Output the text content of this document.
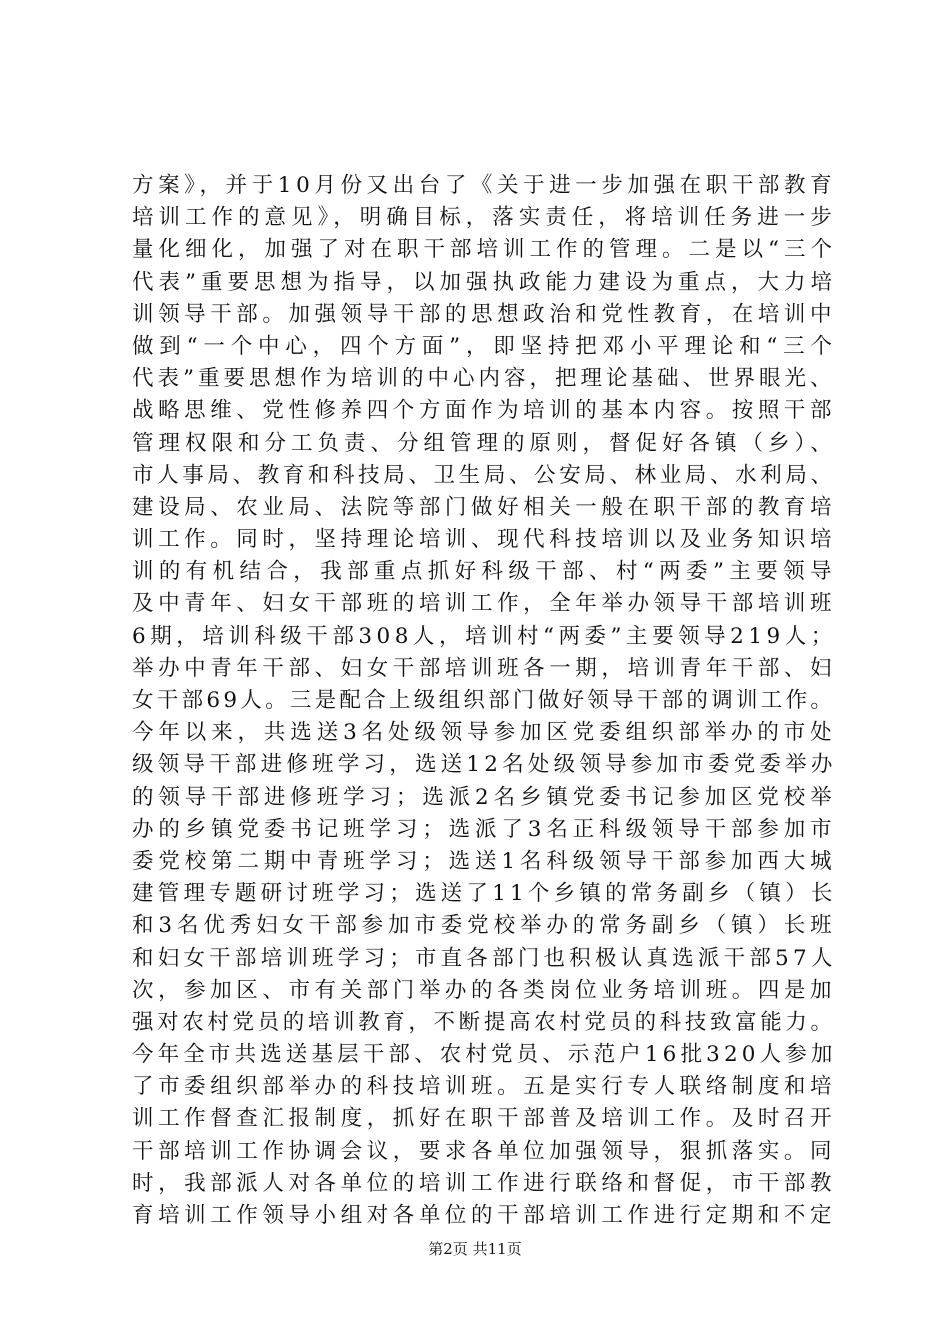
方案》，并于10月份又出台了《关于进一步加强在职干部教育
培训工作的意见》，明确目标，落实责任，将培训任务进一步
量化细化，加强了对在职干部培训工作的管理。二是以“三个
代表”重要思想为指导，以加强执政能力建设为重点，大力培
训领导干部。加强领导干部的思想政治和党性教育，在培训中
做到“一个中心，四个方面”，即坚持把邓小平理论和“三个
代表”重要思想作为培训的中心内容，把理论基础、世界眼光、
战略思维、党性修养四个方面作为培训的基本内容。按照干部
管理权限和分工负责、分组管理的原则，督促好各镇（乡）、
市人事局、教育和科技局、卫生局、公安局、林业局、水利局、
建设局、农业局、法院等部门做好相关一般在职干部的教育培
训工作。同时，坚持理论培训、现代科技培训以及业务知识培
训的有机结合，我部重点抓好科级干部、村“两委”主要领导
及中青年、妇女干部班的培训工作，全年举办领导干部培训班
6期，培训科级干部308人，培训村“两委”主要领导219人；
举办中青年干部、妇女干部培训班各一期，培训青年干部、妇
女干部69人。三是配合上级组织部门做好领导干部的调训工作。
今年以来，共选送3名处级领导参加区党委组织部举办的市处
级领导干部进修班学习，选送12名处级领导参加市委党委举办
的领导干部进修班学习；选派2名乡镇党委书记参加区党校举
办的乡镇党委书记班学习；选派了3名正科级领导干部参加市
委党校第二期中青班学习；选送1名科级领导干部参加西大城
建管理专题研讨班学习；选送了11个乡镇的常务副乡（镇）长
和3名优秀妇女干部参加市委党校举办的常务副乡（镇）长班
和妇女干部培训班学习；市直各部门也积极认真选派干部57人
次，参加区、市有关部门举办的各类岗位业务培训班。四是加
强对农村党员的培训教育，不断提高农村党员的科技致富能力。
今年全市共选送基层干部、农村党员、示范户16批320人参加
了市委组织部举办的科技培训班。五是实行专人联络制度和培
训工作督查汇报制度，抓好在职干部普及培训工作。及时召开
干部培训工作协调会议，要求各单位加强领导，狠抓落实。同
时，我部派人对各单位的培训工作进行联络和督促，市干部教
育培训工作领导小组对各单位的干部培训工作进行定期和不定
第2页 共11页
